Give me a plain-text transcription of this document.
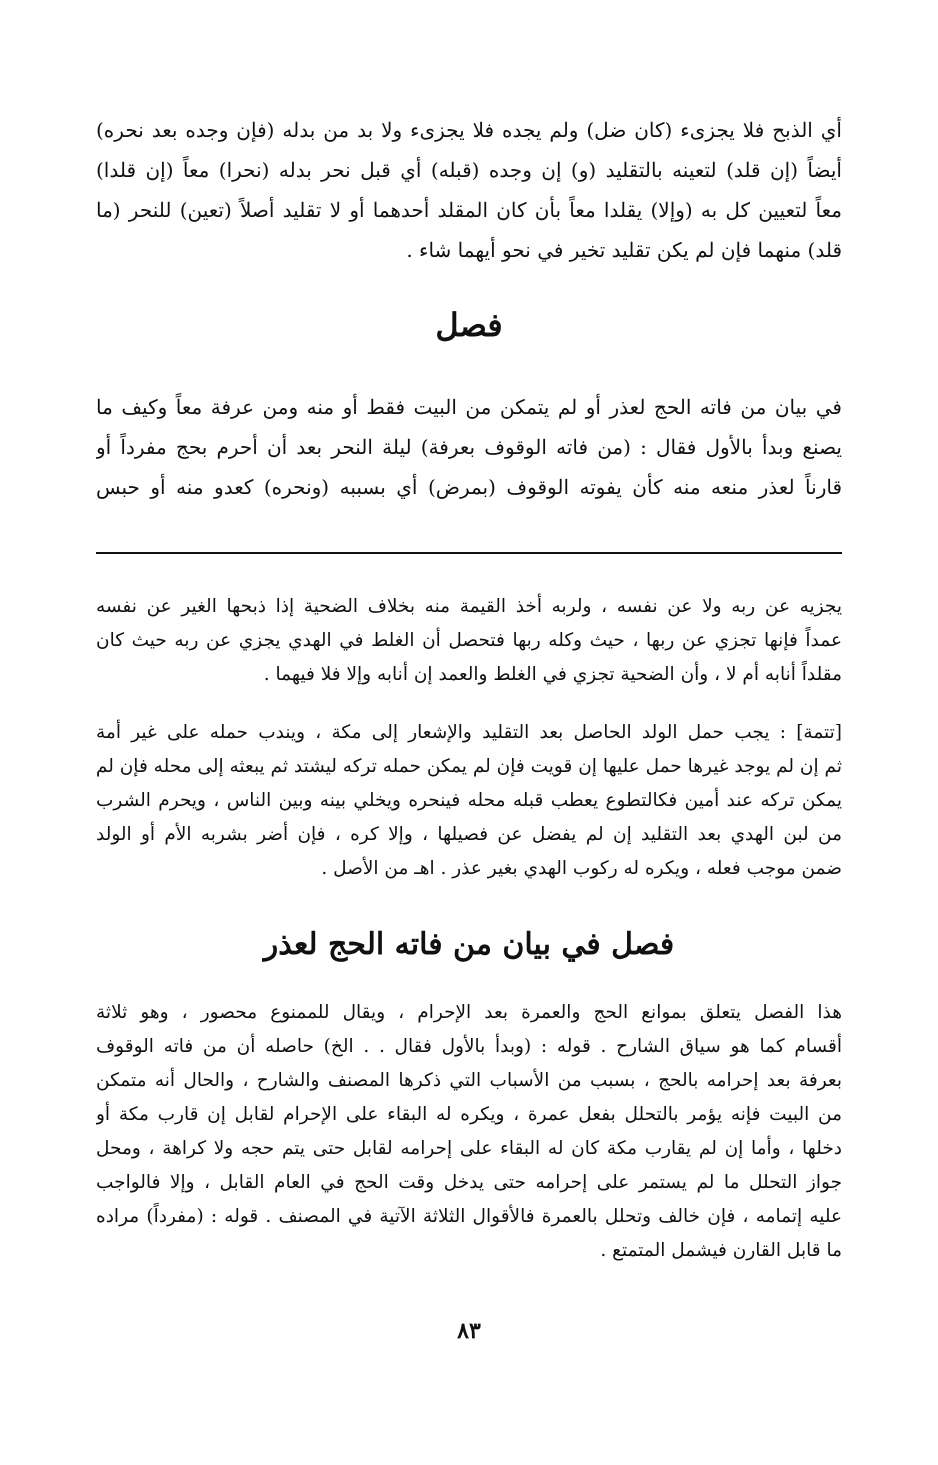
أي الذبح فلا يجزىء (كان ضل) ولم يجده فلا يجزىء ولا بد من بدله (فإن وجده بعد نحره)
أيضاً (إن قلد) لتعينه بالتقليد (و) إن وجده (قبله) أي قبل نحر بدله (نحرا) معاً (إن قلدا)
معاً لتعيين كل به (وإلا) يقلدا معاً بأن كان المقلد أحدهما أو لا تقليد أصلاً (تعين) للنحر (ما
قلد) منهما فإن لم يكن تقليد تخير في نحو أيهما شاء .
فصل
في بيان من فاته الحج لعذر أو لم يتمكن من البيت فقط أو منه ومن عرفة معاً وكيف ما
يصنع وبدأ بالأول فقال : (من فاته الوقوف بعرفة) ليلة النحر بعد أن أحرم بحج مفرداً أو
قارناً لعذر منعه منه كأن يفوته الوقوف (بمرض) أي بسببه (ونحره) كعدو منه أو حبس
يجزيه عن ربه ولا عن نفسه ، ولربه أخذ القيمة منه بخلاف الضحية إذا ذبحها الغير عن نفسه
عمداً فإنها تجزي عن ربها ، حيث وكله ربها فتحصل أن الغلط في الهدي يجزي عن ربه حيث كان
مقلداً أنابه أم لا ، وأن الضحية تجزي في الغلط والعمد إن أنابه وإلا فلا فيهما .
[تتمة] : يجب حمل الولد الحاصل بعد التقليد والإشعار إلى مكة ، ويندب حمله على غير أمة
ثم إن لم يوجد غيرها حمل عليها إن قويت فإن لم يمكن حمله تركه ليشتد ثم يبعثه إلى محله فإن لم
يمكن تركه عند أمين فكالتطوع يعطب قبله محله فينحره ويخلي بينه وبين الناس ، ويحرم الشرب
من لبن الهدي بعد التقليد إن لم يفضل عن فصيلها ، وإلا كره ، فإن أضر بشربه الأم أو الولد
ضمن موجب فعله ، ويكره له ركوب الهدي بغير عذر . اهـ من الأصل .
فصل في بيان من فاته الحج لعذر
هذا الفصل يتعلق بموانع الحج والعمرة بعد الإحرام ، ويقال للممنوع محصور ، وهو ثلاثة
أقسام كما هو سياق الشارح . قوله : (وبدأ بالأول فقال . . الخ) حاصله أن من فاته الوقوف
بعرفة بعد إحرامه بالحج ، بسبب من الأسباب التي ذكرها المصنف والشارح ، والحال أنه متمكن
من البيت فإنه يؤمر بالتحلل بفعل عمرة ، ويكره له البقاء على الإحرام لقابل إن قارب مكة أو
دخلها ، وأما إن لم يقارب مكة كان له البقاء على إحرامه لقابل حتى يتم حجه ولا كراهة ، ومحل
جواز التحلل ما لم يستمر على إحرامه حتى يدخل وقت الحج في العام القابل ، وإلا فالواجب
عليه إتمامه ، فإن خالف وتحلل بالعمرة فالأقوال الثلاثة الآتية في المصنف . قوله : (مفرداً) مراده
ما قابل القارن فيشمل المتمتع .
٨٣
